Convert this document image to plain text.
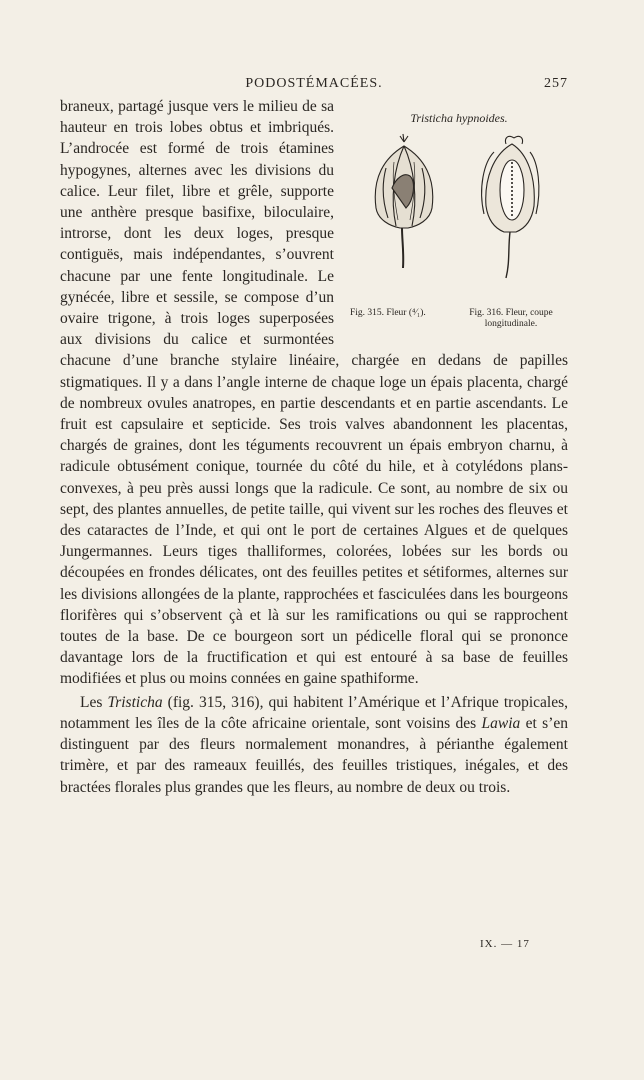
PODOSTÉMACÉES.	257

Tristicha hypnoides.
Fig. 315. Fleur (⁴⁄₁).	Fig. 316. Fleur, coupe longitudinale.
braneux, partagé jusque vers le milieu de sa hauteur en trois lobes obtus et imbriqués. L’androcée est formé de trois étamines hypogynes, alternes avec les divisions du calice. Leur filet, libre et grêle, supporte une anthère presque basifixe, biloculaire, introrse, dont les deux loges, presque contiguës, mais indépendantes, s’ouvrent chacune par une fente longitudinale. Le gynécée, libre et sessile, se compose d’un ovaire trigone, à trois loges superposées aux divisions du calice et surmontées chacune d’une branche stylaire linéaire, chargée en dedans de papilles stigmatiques. Il y a dans l’angle interne de chaque loge un épais placenta, chargé de nombreux ovules anatropes, en partie descendants et en partie ascendants. Le fruit est capsulaire et septicide. Ses trois valves abandonnent les placentas, chargés de graines, dont les téguments recouvrent un épais embryon charnu, à radicule obtusément conique, tournée du côté du hile, et à cotylédons plans-convexes, à peu près aussi longs que la radicule. Ce sont, au nombre de six ou sept, des plantes annuelles, de petite taille, qui vivent sur les roches des fleuves et des cataractes de l’Inde, et qui ont le port de certaines Algues et de quelques Jungermannes. Leurs tiges thalliformes, colorées, lobées sur les bords ou découpées en frondes délicates, ont des feuilles petites et sétiformes, alternes sur les divisions allongées de la plante, rapprochées et fasciculées dans les bourgeons florifères qui s’observent çà et là sur les ramifications ou qui se rapprochent toutes de la base. De ce bourgeon sort un pédicelle floral qui se prononce davantage lors de la fructification et qui est entouré à sa base de feuilles modifiées et plus ou moins connées en gaine spathiforme.

Les Tristicha (fig. 315, 316), qui habitent l’Amérique et l’Afrique tropicales, notamment les îles de la côte africaine orientale, sont voisins des Lawia et s’en distinguent par des fleurs normalement monandres, à périanthe également trimère, et par des rameaux feuillés, des feuilles tristiques, inégales, et des bractées florales plus grandes que les fleurs, au nombre de deux ou trois.

IX. — 17
